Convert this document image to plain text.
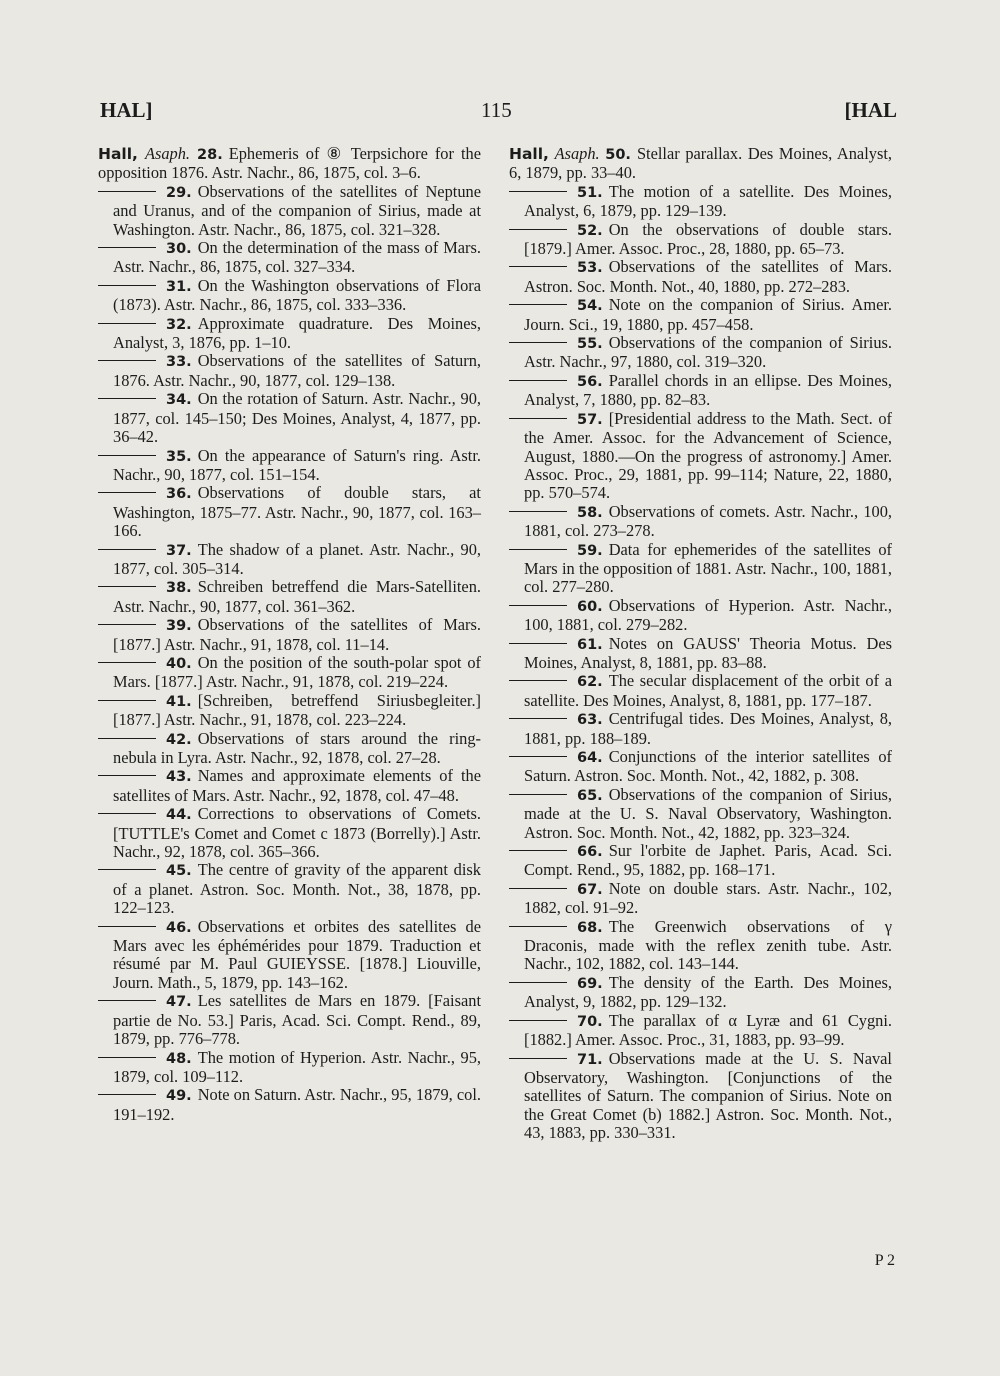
HAL]	115	[HAL

Hall, Asaph. 28. Ephemeris of ⑧ Terpsichore for the opposition 1876. Astr. Nachr., 86, 1875, col. 3–6.

29. Observations of the satellites of Neptune and Uranus, and of the companion of Sirius, made at Washington. Astr. Nachr., 86, 1875, col. 321–328.

30. On the determination of the mass of Mars. Astr. Nachr., 86, 1875, col. 327–334.

31. On the Washington observations of Flora (1873). Astr. Nachr., 86, 1875, col. 333–336.

32. Approximate quadrature. Des Moines, Analyst, 3, 1876, pp. 1–10.

33. Observations of the satellites of Saturn, 1876. Astr. Nachr., 90, 1877, col. 129–138.

34. On the rotation of Saturn. Astr. Nachr., 90, 1877, col. 145–150; Des Moines, Analyst, 4, 1877, pp. 36–42.

35. On the appearance of Saturn's ring. Astr. Nachr., 90, 1877, col. 151–154.

36. Observations of double stars, at Washington, 1875–77. Astr. Nachr., 90, 1877, col. 163–166.

37. The shadow of a planet. Astr. Nachr., 90, 1877, col. 305–314.

38. Schreiben betreffend die Mars-Satelliten. Astr. Nachr., 90, 1877, col. 361–362.

39. Observations of the satellites of Mars. [1877.] Astr. Nachr., 91, 1878, col. 11–14.

40. On the position of the south-polar spot of Mars. [1877.] Astr. Nachr., 91, 1878, col. 219–224.

41. [Schreiben, betreffend Siriusbegleiter.] [1877.] Astr. Nachr., 91, 1878, col. 223–224.

42. Observations of stars around the ring-nebula in Lyra. Astr. Nachr., 92, 1878, col. 27–28.

43. Names and approximate elements of the satellites of Mars. Astr. Nachr., 92, 1878, col. 47–48.

44. Corrections to observations of Comets. [TUTTLE's Comet and Comet c 1873 (Borrelly).] Astr. Nachr., 92, 1878, col. 365–366.

45. The centre of gravity of the apparent disk of a planet. Astron. Soc. Month. Not., 38, 1878, pp. 122–123.

46. Observations et orbites des satellites de Mars avec les éphémérides pour 1879. Traduction et résumé par M. Paul GUIEYSSE. [1878.] Liouville, Journ. Math., 5, 1879, pp. 143–162.

47. Les satellites de Mars en 1879. [Faisant partie de No. 53.] Paris, Acad. Sci. Compt. Rend., 89, 1879, pp. 776–778.

48. The motion of Hyperion. Astr. Nachr., 95, 1879, col. 109–112.

49. Note on Saturn. Astr. Nachr., 95, 1879, col. 191–192.

Hall, Asaph. 50. Stellar parallax. Des Moines, Analyst, 6, 1879, pp. 33–40.

51. The motion of a satellite. Des Moines, Analyst, 6, 1879, pp. 129–139.

52. On the observations of double stars. [1879.] Amer. Assoc. Proc., 28, 1880, pp. 65–73.

53. Observations of the satellites of Mars. Astron. Soc. Month. Not., 40, 1880, pp. 272–283.

54. Note on the companion of Sirius. Amer. Journ. Sci., 19, 1880, pp. 457–458.

55. Observations of the companion of Sirius. Astr. Nachr., 97, 1880, col. 319–320.

56. Parallel chords in an ellipse. Des Moines, Analyst, 7, 1880, pp. 82–83.

57. [Presidential address to the Math. Sect. of the Amer. Assoc. for the Advancement of Science, August, 1880.—On the progress of astronomy.] Amer. Assoc. Proc., 29, 1881, pp. 99–114; Nature, 22, 1880, pp. 570–574.

58. Observations of comets. Astr. Nachr., 100, 1881, col. 273–278.

59. Data for ephemerides of the satellites of Mars in the opposition of 1881. Astr. Nachr., 100, 1881, col. 277–280.

60. Observations of Hyperion. Astr. Nachr., 100, 1881, col. 279–282.

61. Notes on GAUSS' Theoria Motus. Des Moines, Analyst, 8, 1881, pp. 83–88.

62. The secular displacement of the orbit of a satellite. Des Moines, Analyst, 8, 1881, pp. 177–187.

63. Centrifugal tides. Des Moines, Analyst, 8, 1881, pp. 188–189.

64. Conjunctions of the interior satellites of Saturn. Astron. Soc. Month. Not., 42, 1882, p. 308.

65. Observations of the companion of Sirius, made at the U. S. Naval Observatory, Washington. Astron. Soc. Month. Not., 42, 1882, pp. 323–324.

66. Sur l'orbite de Japhet. Paris, Acad. Sci. Compt. Rend., 95, 1882, pp. 168–171.

67. Note on double stars. Astr. Nachr., 102, 1882, col. 91–92.

68. The Greenwich observations of γ Draconis, made with the reflex zenith tube. Astr. Nachr., 102, 1882, col. 143–144.

69. The density of the Earth. Des Moines, Analyst, 9, 1882, pp. 129–132.

70. The parallax of α Lyræ and 61 Cygni. [1882.] Amer. Assoc. Proc., 31, 1883, pp. 93–99.

71. Observations made at the U. S. Naval Observatory, Washington. [Conjunctions of the satellites of Saturn. The companion of Sirius. Note on the Great Comet (b) 1882.] Astron. Soc. Month. Not., 43, 1883, pp. 330–331.

P 2
